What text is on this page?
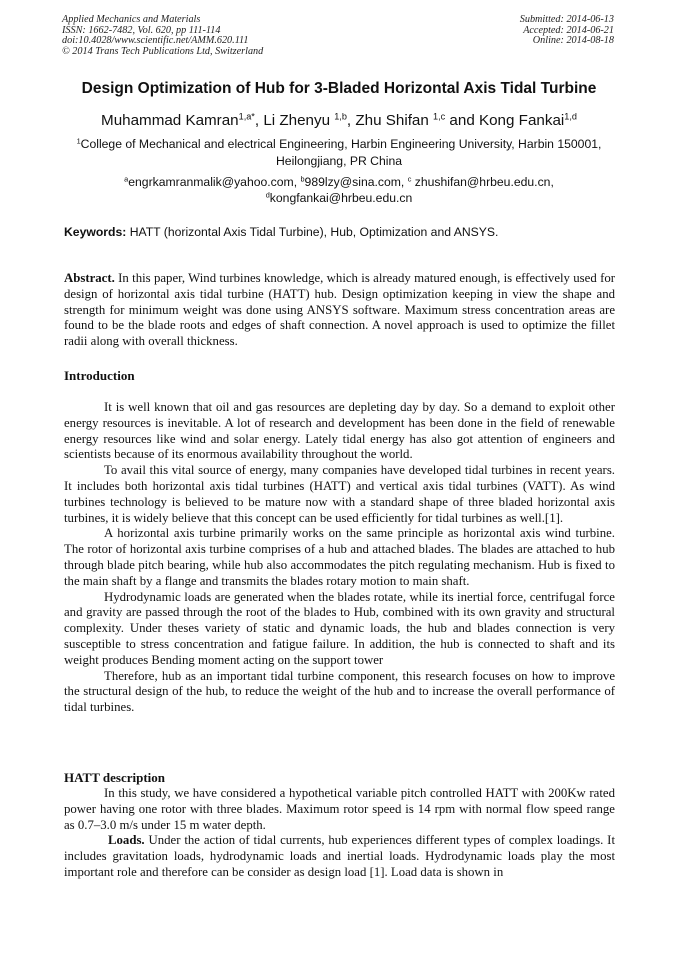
Applied Mechanics and Materials
ISSN: 1662-7482, Vol. 620, pp 111-114
doi:10.4028/www.scientific.net/AMM.620.111
© 2014 Trans Tech Publications Ltd, Switzerland
Submitted: 2014-06-13
Accepted: 2014-06-21
Online: 2014-08-18
Design Optimization of Hub for 3-Bladed Horizontal Axis Tidal Turbine
Muhammad Kamran$^{1,a*}$, Li Zhenyu $^{1,b}$, Zhu Shifan $^{1,c}$ and Kong Fankai$^{1,d}$
$^1$College of Mechanical and electrical Engineering, Harbin Engineering University, Harbin 150001,
Heilongjiang, PR China
$^a$engrkamranmalik@yahoo.com, $^b$989lzy@sina.com, $^c$ zhushifan@hrbeu.edu.cn,
$^d$kongfankai@hrbeu.edu.cn
Keywords: HATT (horizontal Axis Tidal Turbine), Hub, Optimization and ANSYS.

Abstract. In this paper, Wind turbines knowledge, which is already matured enough, is effectively used for design of horizontal axis tidal turbine (HATT) hub. Design optimization keeping in view the shape and strength for minimum weight was done using ANSYS software. Maximum stress concentration areas are found to be the blade roots and edges of shaft connection. A novel approach is used to optimize the fillet radii along with overall thickness.

Introduction

It is well known that oil and gas resources are depleting day by day. So a demand to exploit other energy resources is inevitable. A lot of research and development has been done in the field of renewable energy resources like wind and solar energy. Lately tidal energy has also got attention of engineers and scientists because of its enormous availability throughout the world.

To avail this vital source of energy, many companies have developed tidal turbines in recent years. It includes both horizontal axis tidal turbines (HATT) and vertical axis tidal turbines (VATT). As wind turbines technology is believed to be mature now with a standard shape of three bladed horizontal axis turbines, it is widely believe that this concept can be used efficiently for tidal turbines as well.[1].

A horizontal axis turbine primarily works on the same principle as horizontal axis wind turbine. The rotor of horizontal axis turbine comprises of a hub and attached blades. The blades are attached to hub through blade pitch bearing, while hub also accommodates the pitch regulating mechanism. Hub is fixed to the main shaft by a flange and transmits the blades rotary motion to main shaft.

Hydrodynamic loads are generated when the blades rotate, while its inertial force, centrifugal force and gravity are passed through the root of the blades to Hub, combined with its own gravity and structural complexity. Under theses variety of static and dynamic loads, the hub and blades connection is very susceptible to stress concentration and fatigue failure. In addition, the hub is connected to shaft and its weight produces Bending moment acting on the support tower

Therefore, hub as an important tidal turbine component, this research focuses on how to improve the structural design of the hub, to reduce the weight of the hub and to increase the overall performance of tidal turbines.

HATT description

In this study, we have considered a hypothetical variable pitch controlled HATT with 200Kw rated power having one rotor with three blades. Maximum rotor speed is 14 rpm with normal flow speed range as 0.7–3.0 m/s under 15 m water depth.

Loads. Under the action of tidal currents, hub experiences different types of complex loadings. It includes gravitation loads, hydrodynamic loads and inertial loads. Hydrodynamic loads play the most important role and therefore can be consider as design load [1]. Load data is shown in
